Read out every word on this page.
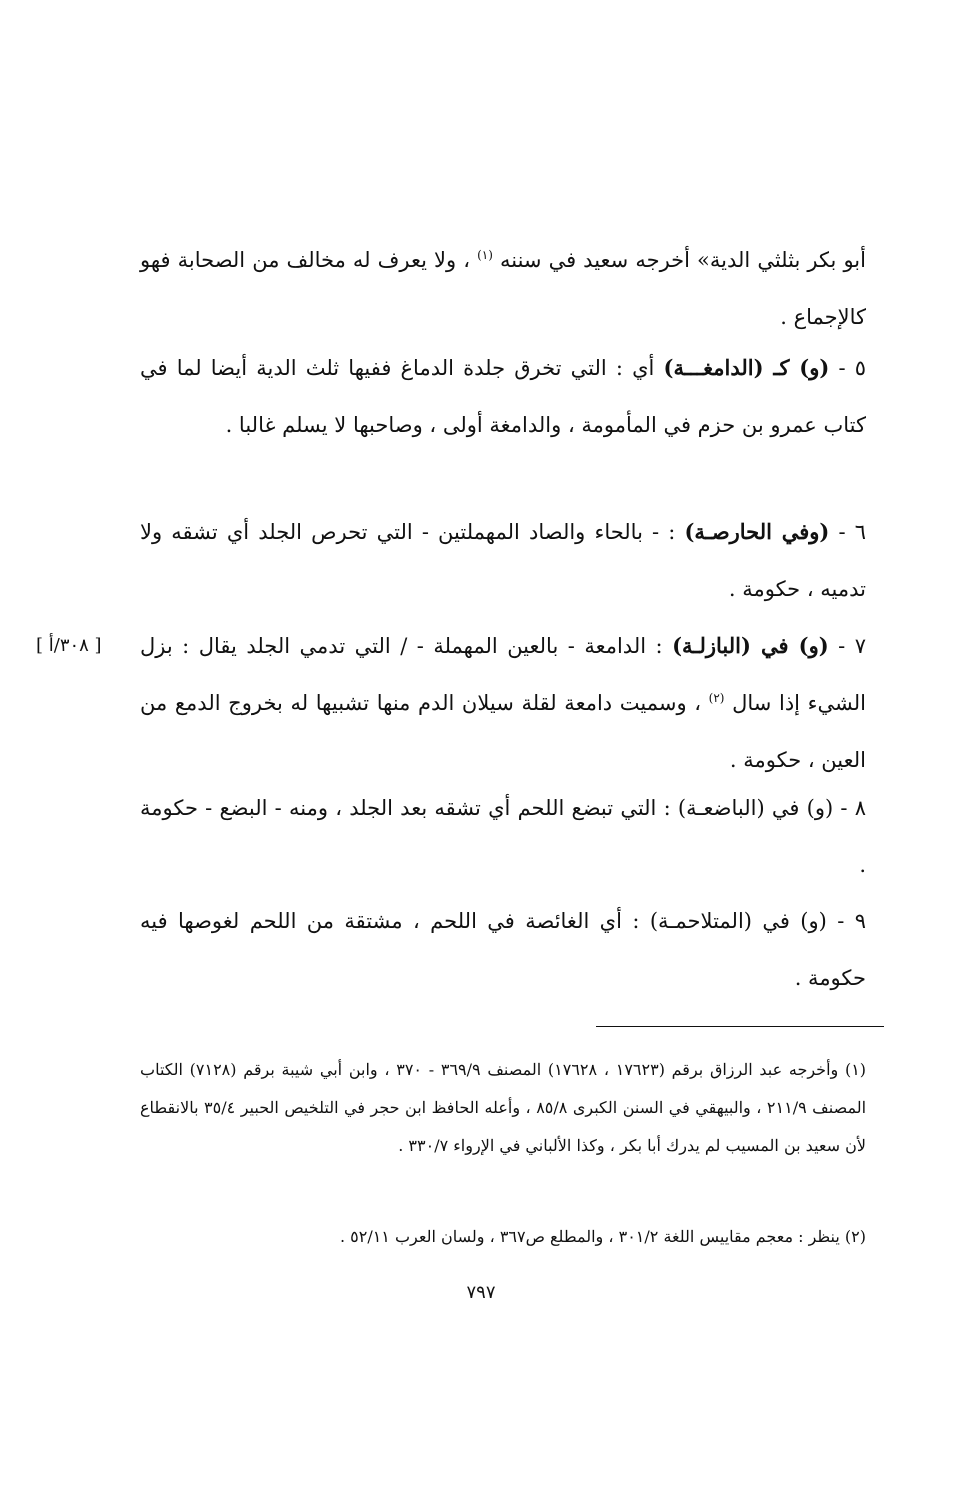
أبو بكر بثلثي الدية» أخرجه سعيد في سننه $^{(١)}$ ، ولا يعرف له مخالف من الصحابة فهو كالإجماع .

٥ - (و) كـ (الدامغـــة) أي : التي تخرق جلدة الدماغ ففيها ثلث الدية أيضا لما في كتاب عمرو بن حزم في المأمومة ، والدامغة أولى ، وصاحبها لا يسلم غالبا .

٦ - (وفي الحارصـة) : - بالحاء والصاد المهملتين - التي تحرص الجلد أي تشقه ولا تدميه ، حكومة .

٧ - (و) في (البازلـة) : الدامعة - بالعين المهملة - / التي تدمي الجلد يقال : بزل الشيء إذا سال $^{(٢)}$ ، وسميت دامعة لقلة سيلان الدم منها تشبيها له بخروج الدمع من العين ، حكومة .

[ ٣٠٨/أ ]

٨ - (و) في (الباضعـة) : التي تبضع اللحم أي تشقه بعد الجلد ، ومنه - البضع - حكومة .

٩ - (و) في (المتلاحمـة) : أي الغائصة في اللحم ، مشتقة من اللحم لغوصها فيه حكومة .

(١) وأخرجه عبد الرزاق برقم (١٧٦٢٣ ، ١٧٦٢٨) المصنف ٣٦٩/٩ - ٣٧٠ ، وابن أبي شيبة برقم (٧١٢٨) الكتاب المصنف ٢١١/٩ ، والبيهقي في السنن الكبرى ٨٥/٨ ، وأعله الحافظ ابن حجر في التلخيص الحبير ٣٥/٤ بالانقطاع لأن سعيد بن المسيب لم يدرك أبا بكر ، وكذا الألباني في الإرواء ٣٣٠/٧ .

(٢) ينظر : معجم مقاييس اللغة ٣٠١/٢ ، والمطلع ص٣٦٧ ، ولسان العرب ٥٢/١١ .

٧٩٧
